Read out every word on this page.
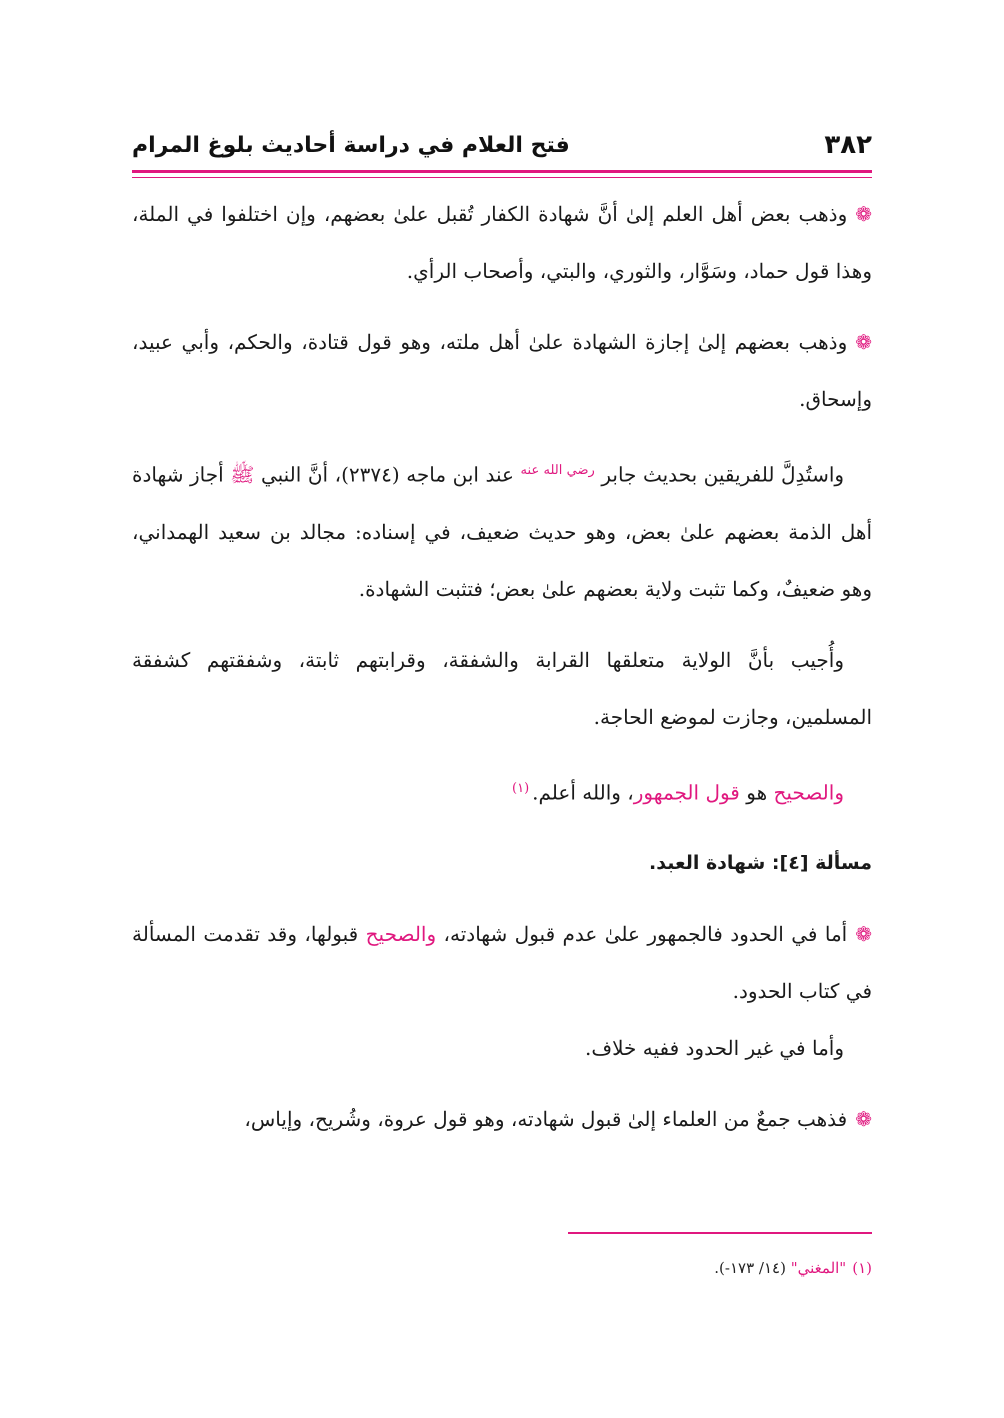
٣٨٢
فتح العلام في دراسة أحاديث بلوغ المرام

❁وذهب بعض أهل العلم إلىٰ أنَّ شهادة الكفار تُقبل علىٰ بعضهم، وإن اختلفوا في الملة، وهذا قول حماد، وسَوَّار، والثوري، والبتي، وأصحاب الرأي.

❁وذهب بعضهم إلىٰ إجازة الشهادة علىٰ أهل ملته، وهو قول قتادة، والحكم، وأبي عبيد، وإسحاق.

واستُدِلَّ للفريقين بحديث جابر $^{رضي الله عنه}$ عند ابن ماجه (٢٣٧٤)، أنَّ النبي ﷺ أجاز شهادة أهل الذمة بعضهم علىٰ بعض، وهو حديث ضعيف، في إسناده: مجالد بن سعيد الهمداني، وهو ضعيفٌ، وكما تثبت ولاية بعضهم علىٰ بعض؛ فتثبت الشهادة.

وأُجيب بأنَّ الولاية متعلقها القرابة والشفقة، وقرابتهم ثابتة، وشفقتهم كشفقة المسلمين، وجازت لموضع الحاجة.

والصحيح هو قول الجمهور، والله أعلم.$^{(١)}$

مسألة [٤]: شهادة العبد.

❁أما في الحدود فالجمهور علىٰ عدم قبول شهادته، والصحيح قبولها، وقد تقدمت المسألة في كتاب الحدود.

وأما في غير الحدود ففيه خلاف.

❁فذهب جمعٌ من العلماء إلىٰ قبول شهادته، وهو قول عروة، وشُريح، وإياس،

(١)"المغني" (١٤/ ١٧٣-).
